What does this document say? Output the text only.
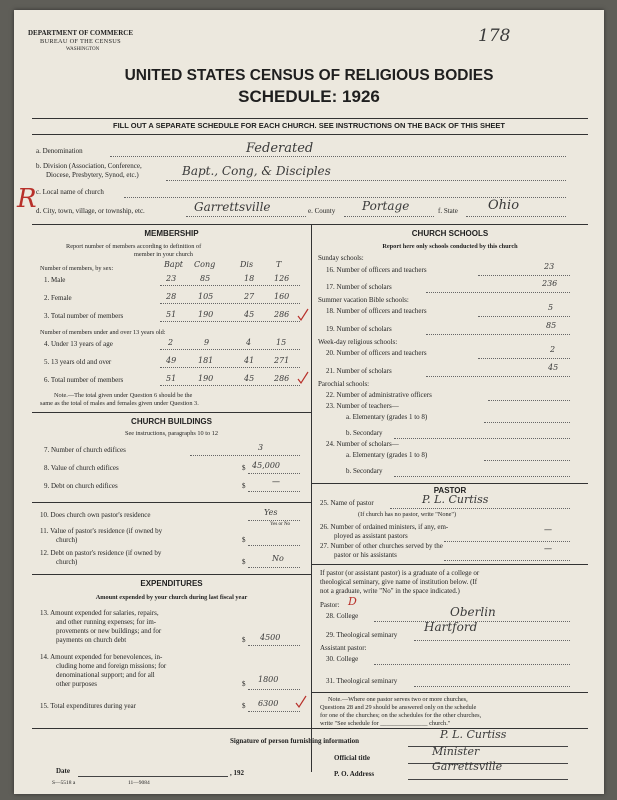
DEPARTMENT OF COMMERCE
BUREAU OF THE CENSUS
WASHINGTON
178
UNITED STATES CENSUS OF RELIGIOUS BODIES
SCHEDULE: 1926
FILL OUT A SEPARATE SCHEDULE FOR EACH CHURCH. SEE INSTRUCTIONS ON THE BACK OF THIS SHEET
a. Denomination	Federated
b. Division (Association, Conference,
Diocese, Presbytery, Synod, etc.)	Bapt., Cong, & Disciples
c. Local name of church
R d. City, town, village, or township, etc.	Garrettsville	e. County Portage	f. State Ohio
MEMBERSHIP
Report number of members according to definition of
member in your church
Number of members, by sex:	Bapt Cong	Dis	T
1. Male	23	85	18 126
2. Female	28	105	27 160
3. Total number of members	51	190	45 286
Number of members under and over 13 years old:
4. Under 13 years of age	2	9	4	15
5. 13 years old and over	49	181	41 271
6. Total number of members	51	190	45 286
Note.—The total given under Question 6 should be the
same as the total of males and females given under Question 3.
CHURCH BUILDINGS
See instructions, paragraphs 10 to 12
7. Number of church edifices	3
8. Value of church edifices	$ 45,000
9. Debt on church edifices	$	—
10. Does church own pastor's residence	Yes
Yes or No
11. Value of pastor's residence (if owned by
church)	$
12. Debt on pastor's residence (if owned by
church)	$	No
EXPENDITURES
Amount expended by your church during last fiscal year
13. Amount expended for salaries, repairs,
and other running expenses; for im-
provements or new buildings; and for
payments on church debt	$ 4500
14. Amount expended for benevolences, in-
cluding home and foreign missions; for
denominational support; and for all
other purposes	$ 1800
15. Total expenditures during year	$ 6300
CHURCH SCHOOLS
Report here only schools conducted by this church
Sunday schools:
16. Number of officers and teachers	23
17. Number of scholars	236
Summer vacation Bible schools:
18. Number of officers and teachers	5
19. Number of scholars	85
Week-day religious schools:
20. Number of officers and teachers	2
21. Number of scholars	45
Parochial schools:
22. Number of administrative officers
23. Number of teachers—
a. Elementary (grades 1 to 8)
b. Secondary
24. Number of scholars—
a. Elementary (grades 1 to 8)
b. Secondary
PASTOR
25. Name of pastor	P. L. Curtiss
(If church has no pastor, write "None")
26. Number of ordained ministers, if any, em-
ployed as assistant pastors
—
27. Number of other churches served by the
pastor or his assistants
—
If pastor (or assistant pastor) is a graduate of a college or
theological seminary, give name of institution below. (If
not a graduate, write "No" in the space indicated.)
Pastor: D
28. College	Oberlin
29. Theological seminary
Hartford
Assistant pastor:
30. College
31. Theological seminary
Note.—Where one pastor serves two or more churches,
Questions 28 and 29 should be answered only on the schedule
for one of the churches; on the schedules for the other churches,
write "See schedule for _______________ church."
Signature of person furnishing information	P. L. Curtiss
Official title	Minister
Date	, 192	P. O. Address
Garrettsville
S—5518 a	11—9084
